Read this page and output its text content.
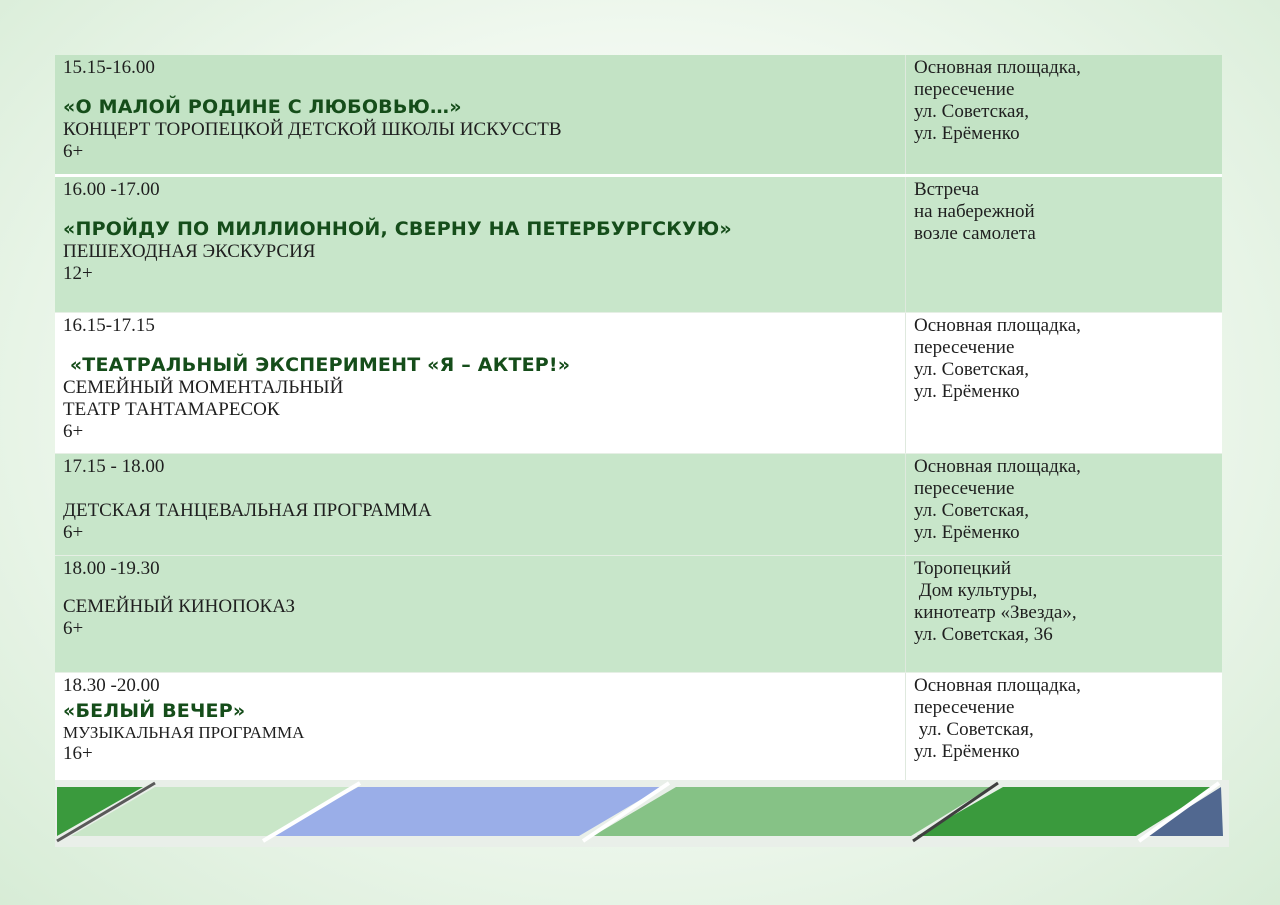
15.15-16.00
«О МАЛОЙ РОДИНЕ С ЛЮБОВЬЮ…»
КОНЦЕРТ ТОРОПЕЦКОЙ ДЕТСКОЙ ШКОЛЫ ИСКУССТВ
6+
Основная площадка,
пересечение
ул. Советская,
ул. Ерёменко
16.00 -17.00
«ПРОЙДУ ПО МИЛЛИОННОЙ, СВЕРНУ НА ПЕТЕРБУРГСКУЮ»
ПЕШЕХОДНАЯ ЭКСКУРСИЯ
12+
Встреча
на набережной
возле самолета
16.15-17.15
«ТЕАТРАЛЬНЫЙ ЭКСПЕРИМЕНТ «Я – АКТЕР!»
СЕМЕЙНЫЙ МОМЕНТАЛЬНЫЙ
ТЕАТР ТАНТАМАРЕСОК
6+
Основная площадка,
пересечение
ул. Советская,
ул. Ерёменко
17.15 - 18.00
ДЕТСКАЯ ТАНЦЕВАЛЬНАЯ ПРОГРАММА
6+
Основная площадка,
пересечение
ул. Советская,
ул. Ерёменко
18.00 -19.30
СЕМЕЙНЫЙ КИНОПОКАЗ
6+
Торопецкий
Дом культуры,
кинотеатр «Звезда»,
ул. Советская, 36
18.30 -20.00
«БЕЛЫЙ ВЕЧЕР»
МУЗЫКАЛЬНАЯ ПРОГРАММА
16+
Основная площадка,
пересечение
ул. Советская,
ул. Ерёменко
